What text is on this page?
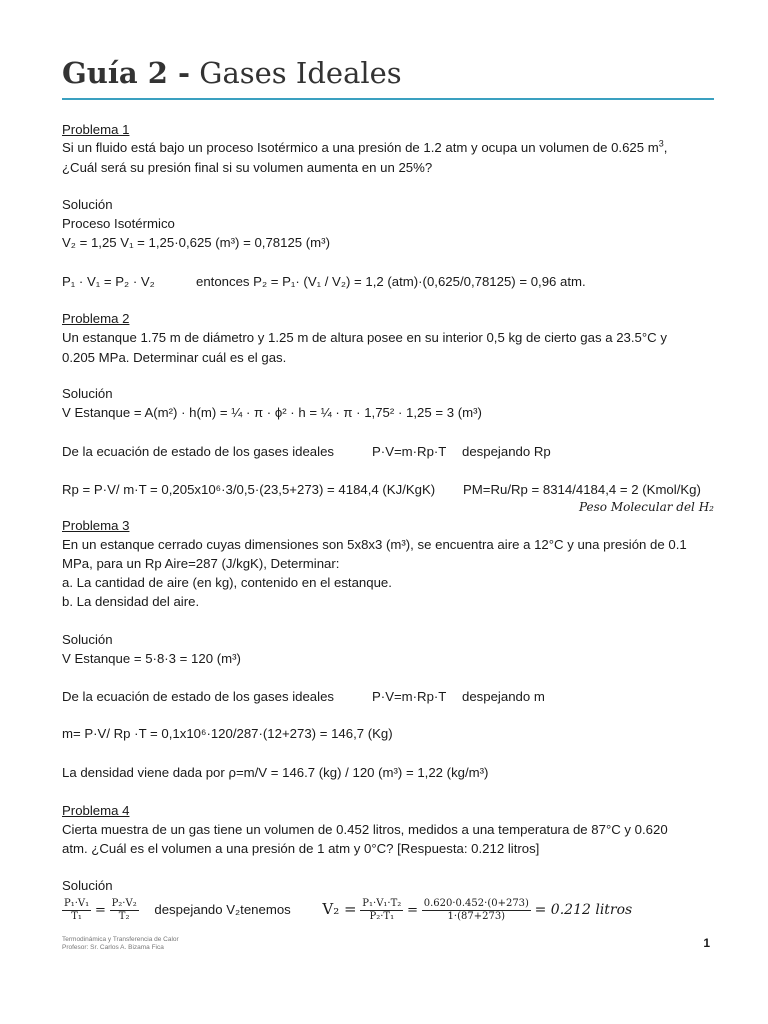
Guía 2 - Gases Ideales
Problema 1
Si un fluido está bajo un proceso Isotérmico a una presión de 1.2 atm y ocupa un volumen de 0.625 $m^3$,
¿Cuál será su presión final si su volumen aumenta en un 25%?
Solución
Proceso Isotérmico
V₂ = 1,25 V₁ = 1,25·0,625 (m³) = 0,78125 (m³)
P₁ · V₁ = P₂ · V₂	entonces P₂ = P₁· (V₁ / V₂) = 1,2 (atm)·(0,625/0,78125) = 0,96 atm.
Problema 2
Un estanque 1.75 m de diámetro y 1.25 m de altura posee en su interior 0,5 kg de cierto gas a 23.5°C y
0.205 MPa. Determinar cuál es el gas.
Solución
V Estanque = A(m²) · h(m) = ¼ · π · ϕ² · h = ¼ · π · 1,75² · 1,25 = 3 (m³)
De la ecuación de estado de los gases ideales	P·V=m·Rp·T despejando Rp
Rp = P·V/ m·T = 0,205x10⁶·3/0,5·(23,5+273) = 4184,4 (KJ/KgK) PM=Ru/Rp = 8314/4184,4 = 2 (Kmol/Kg)
Peso Molecular del H₂
Problema 3
En un estanque cerrado cuyas dimensiones son 5x8x3 (m³), se encuentra aire a 12°C y una presión de 0.1
MPa, para un Rp Aire=287 (J/kgK), Determinar:
a. La cantidad de aire (en kg), contenido en el estanque.
b. La densidad del aire.
Solución
V Estanque = 5·8·3 = 120 (m³)
De la ecuación de estado de los gases ideales	P·V=m·Rp·T despejando m
m= P·V/ Rp ·T = 0,1x10⁶·120/287·(12+273) = 146,7 (Kg)
La densidad viene dada por ρ=m/V = 146.7 (kg) / 120 (m³) = 1,22 (kg/m³)
Problema 4
Cierta muestra de un gas tiene un volumen de 0.452 litros, medidos a una temperatura de 87°C y 0.620
atm. ¿Cuál es el volumen a una presión de 1 atm y 0°C? [Respuesta: 0.212 litros]
Solución
$\frac{\text{P₁·V₁}}{\text{T₁}} = \frac{\text{P₂·V₂}}{\text{T₂}}$ despejando V₂tenemos $V_2 = \frac{\text{P₁·V₁·T₂}}{\text{P₂·T₁}} = \frac{0.620\cdot 0.452\cdot(0+273)}{1\cdot(87+273)} = 0.212$ litros
Termodinámica y Transferencia de Calor
Profesor: Sr. Carlos A. Bizama Fica	1
